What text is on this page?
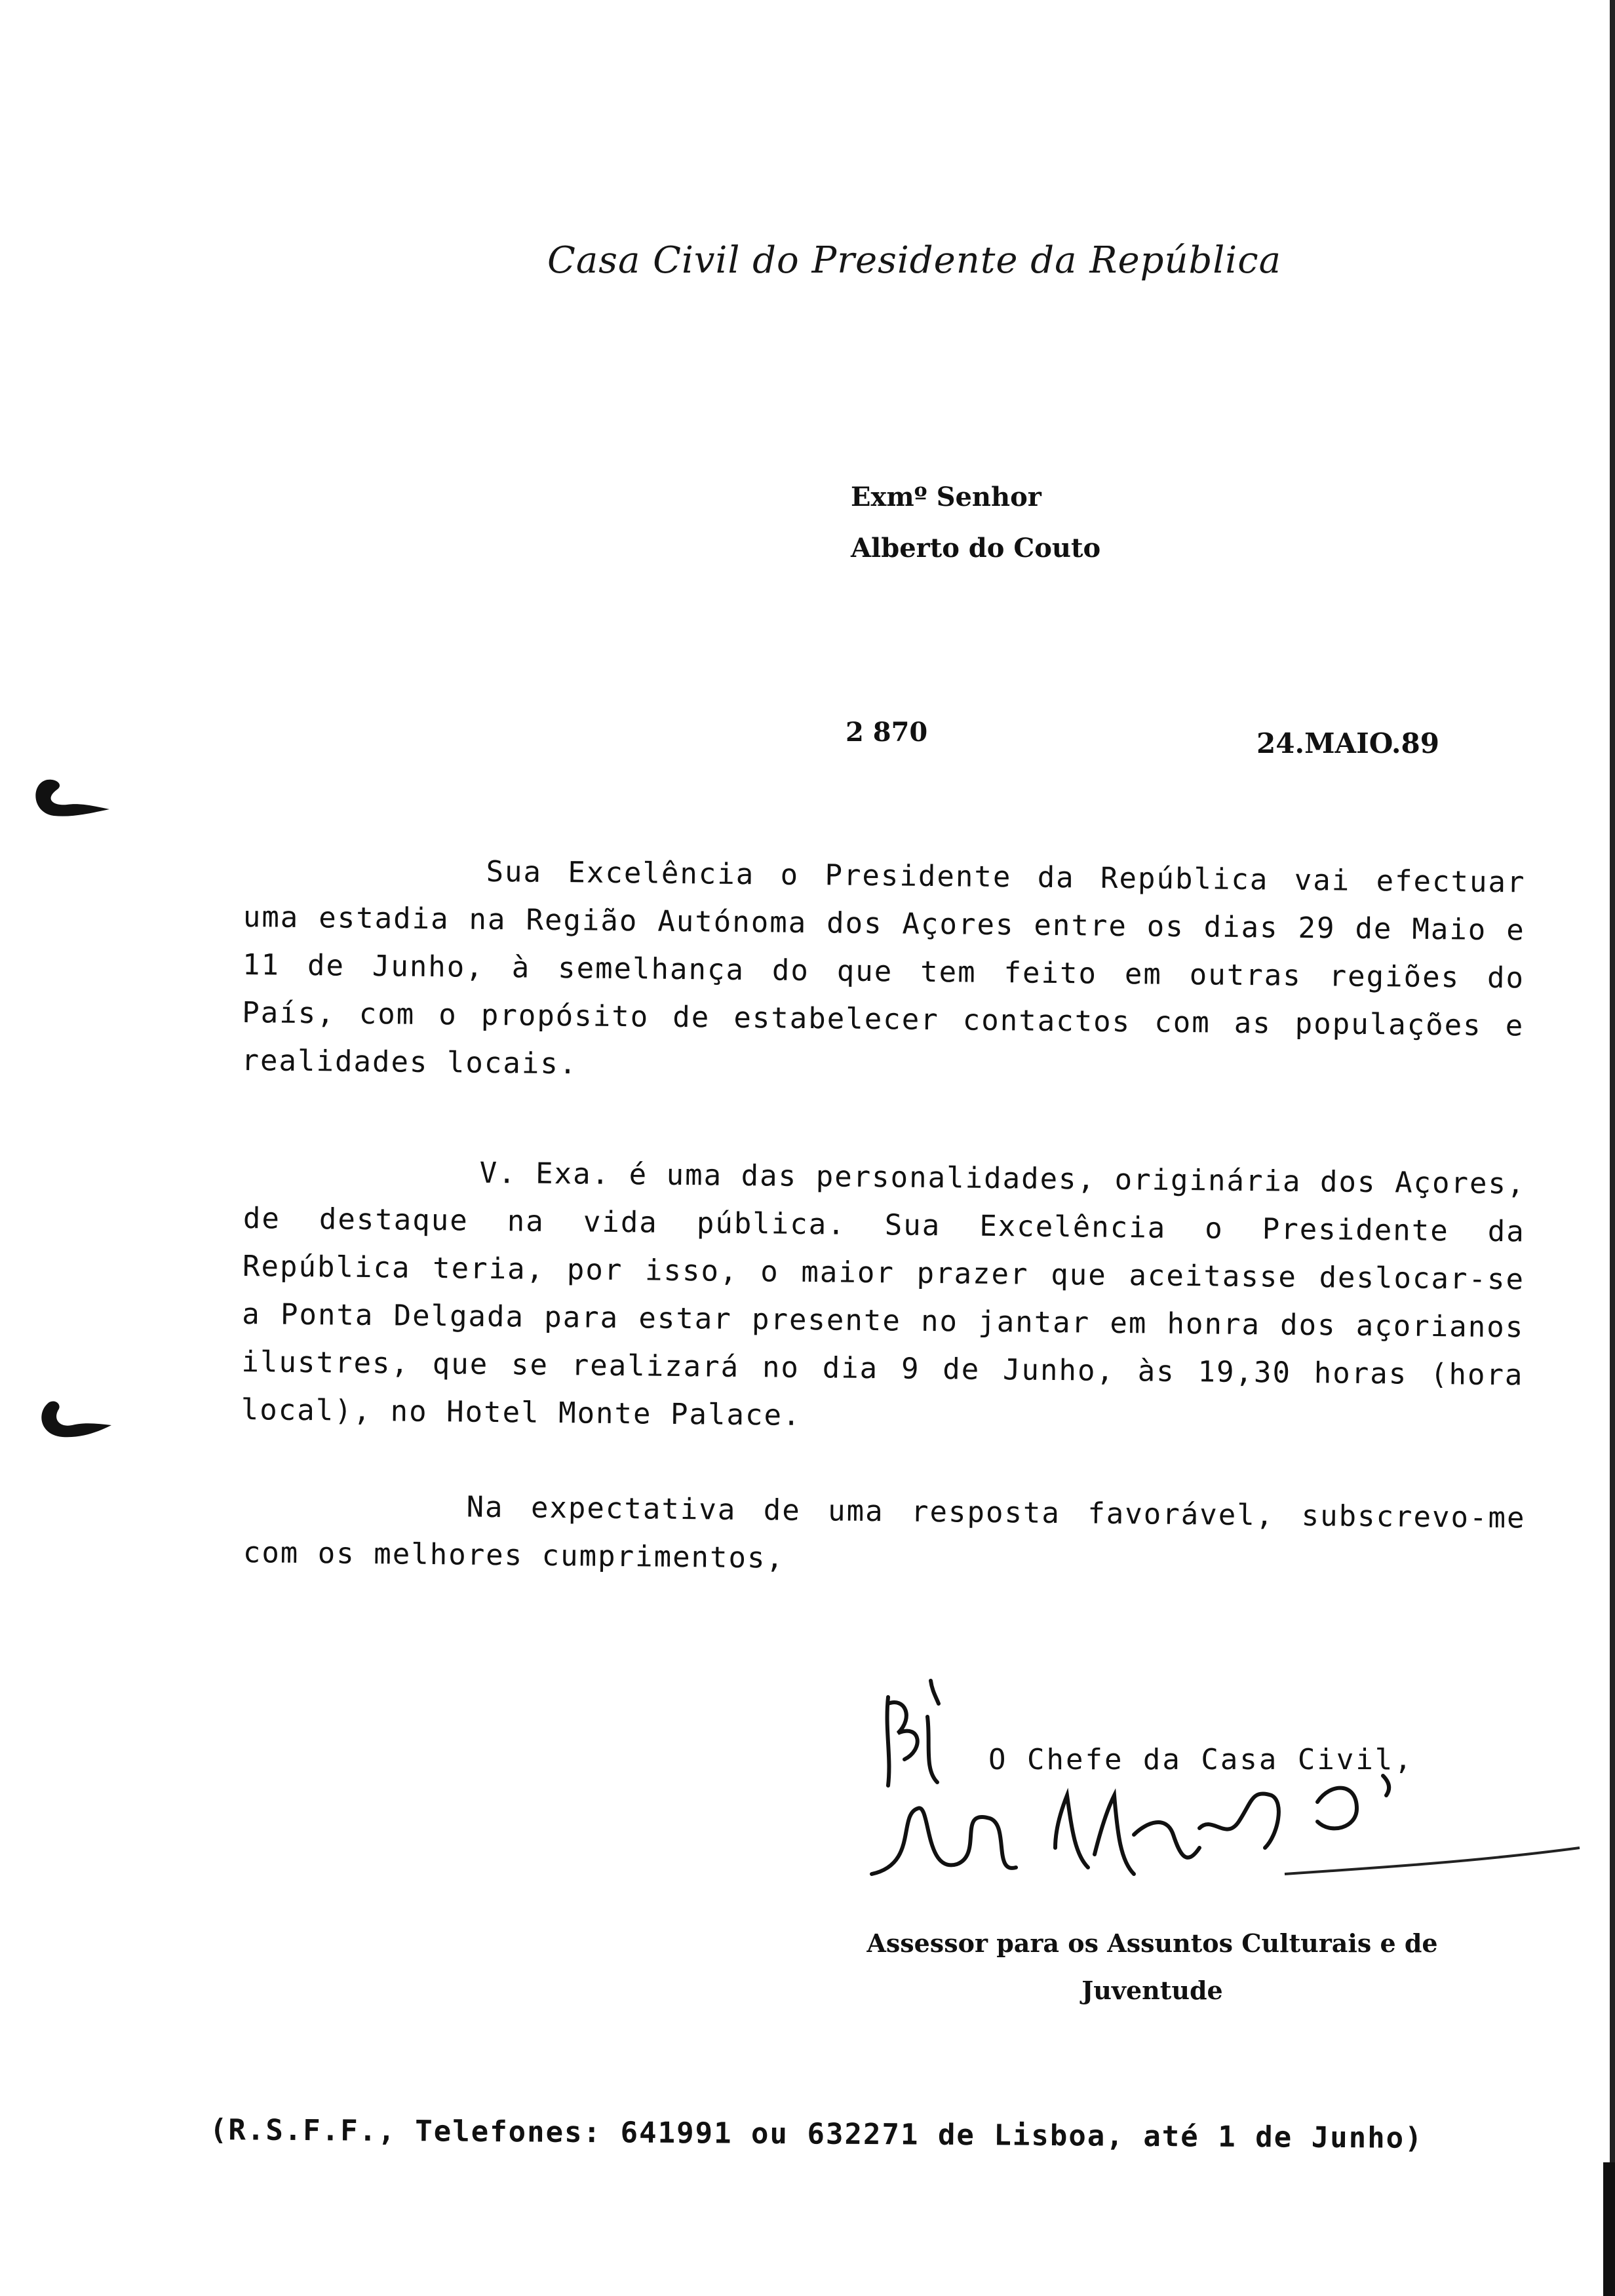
Casa Civil do Presidente da República
Exmº Senhor
Alberto do Couto
2 870	24.MAIO.89
Sua Excelência o Presidente da República vai efectuar uma estadia na Região Autónoma dos Açores entre os dias 29 de Maio e 11 de Junho, à semelhança do que tem feito em outras regiões do País, com o propósito de estabelecer contactos com as populações e realidades locais.
V. Exa. é uma das personalidades, originária dos Açores, de destaque na vida pública. Sua Excelência o Presidente da República teria, por isso, o maior prazer que aceitasse deslocar-se a Ponta Delgada para estar presente no jantar em honra dos açorianos ilustres, que se realizará no dia 9 de Junho, às 19,30 horas (hora local), no Hotel Monte Palace.
Na expectativa de uma resposta favorável, subscrevo-me com os melhores cumprimentos,
O Chefe da Casa Civil,
Assessor para os Assuntos Culturais e de
Juventude
(R.S.F.F., Telefones: 641991 ou 632271 de Lisboa, até 1 de Junho)
